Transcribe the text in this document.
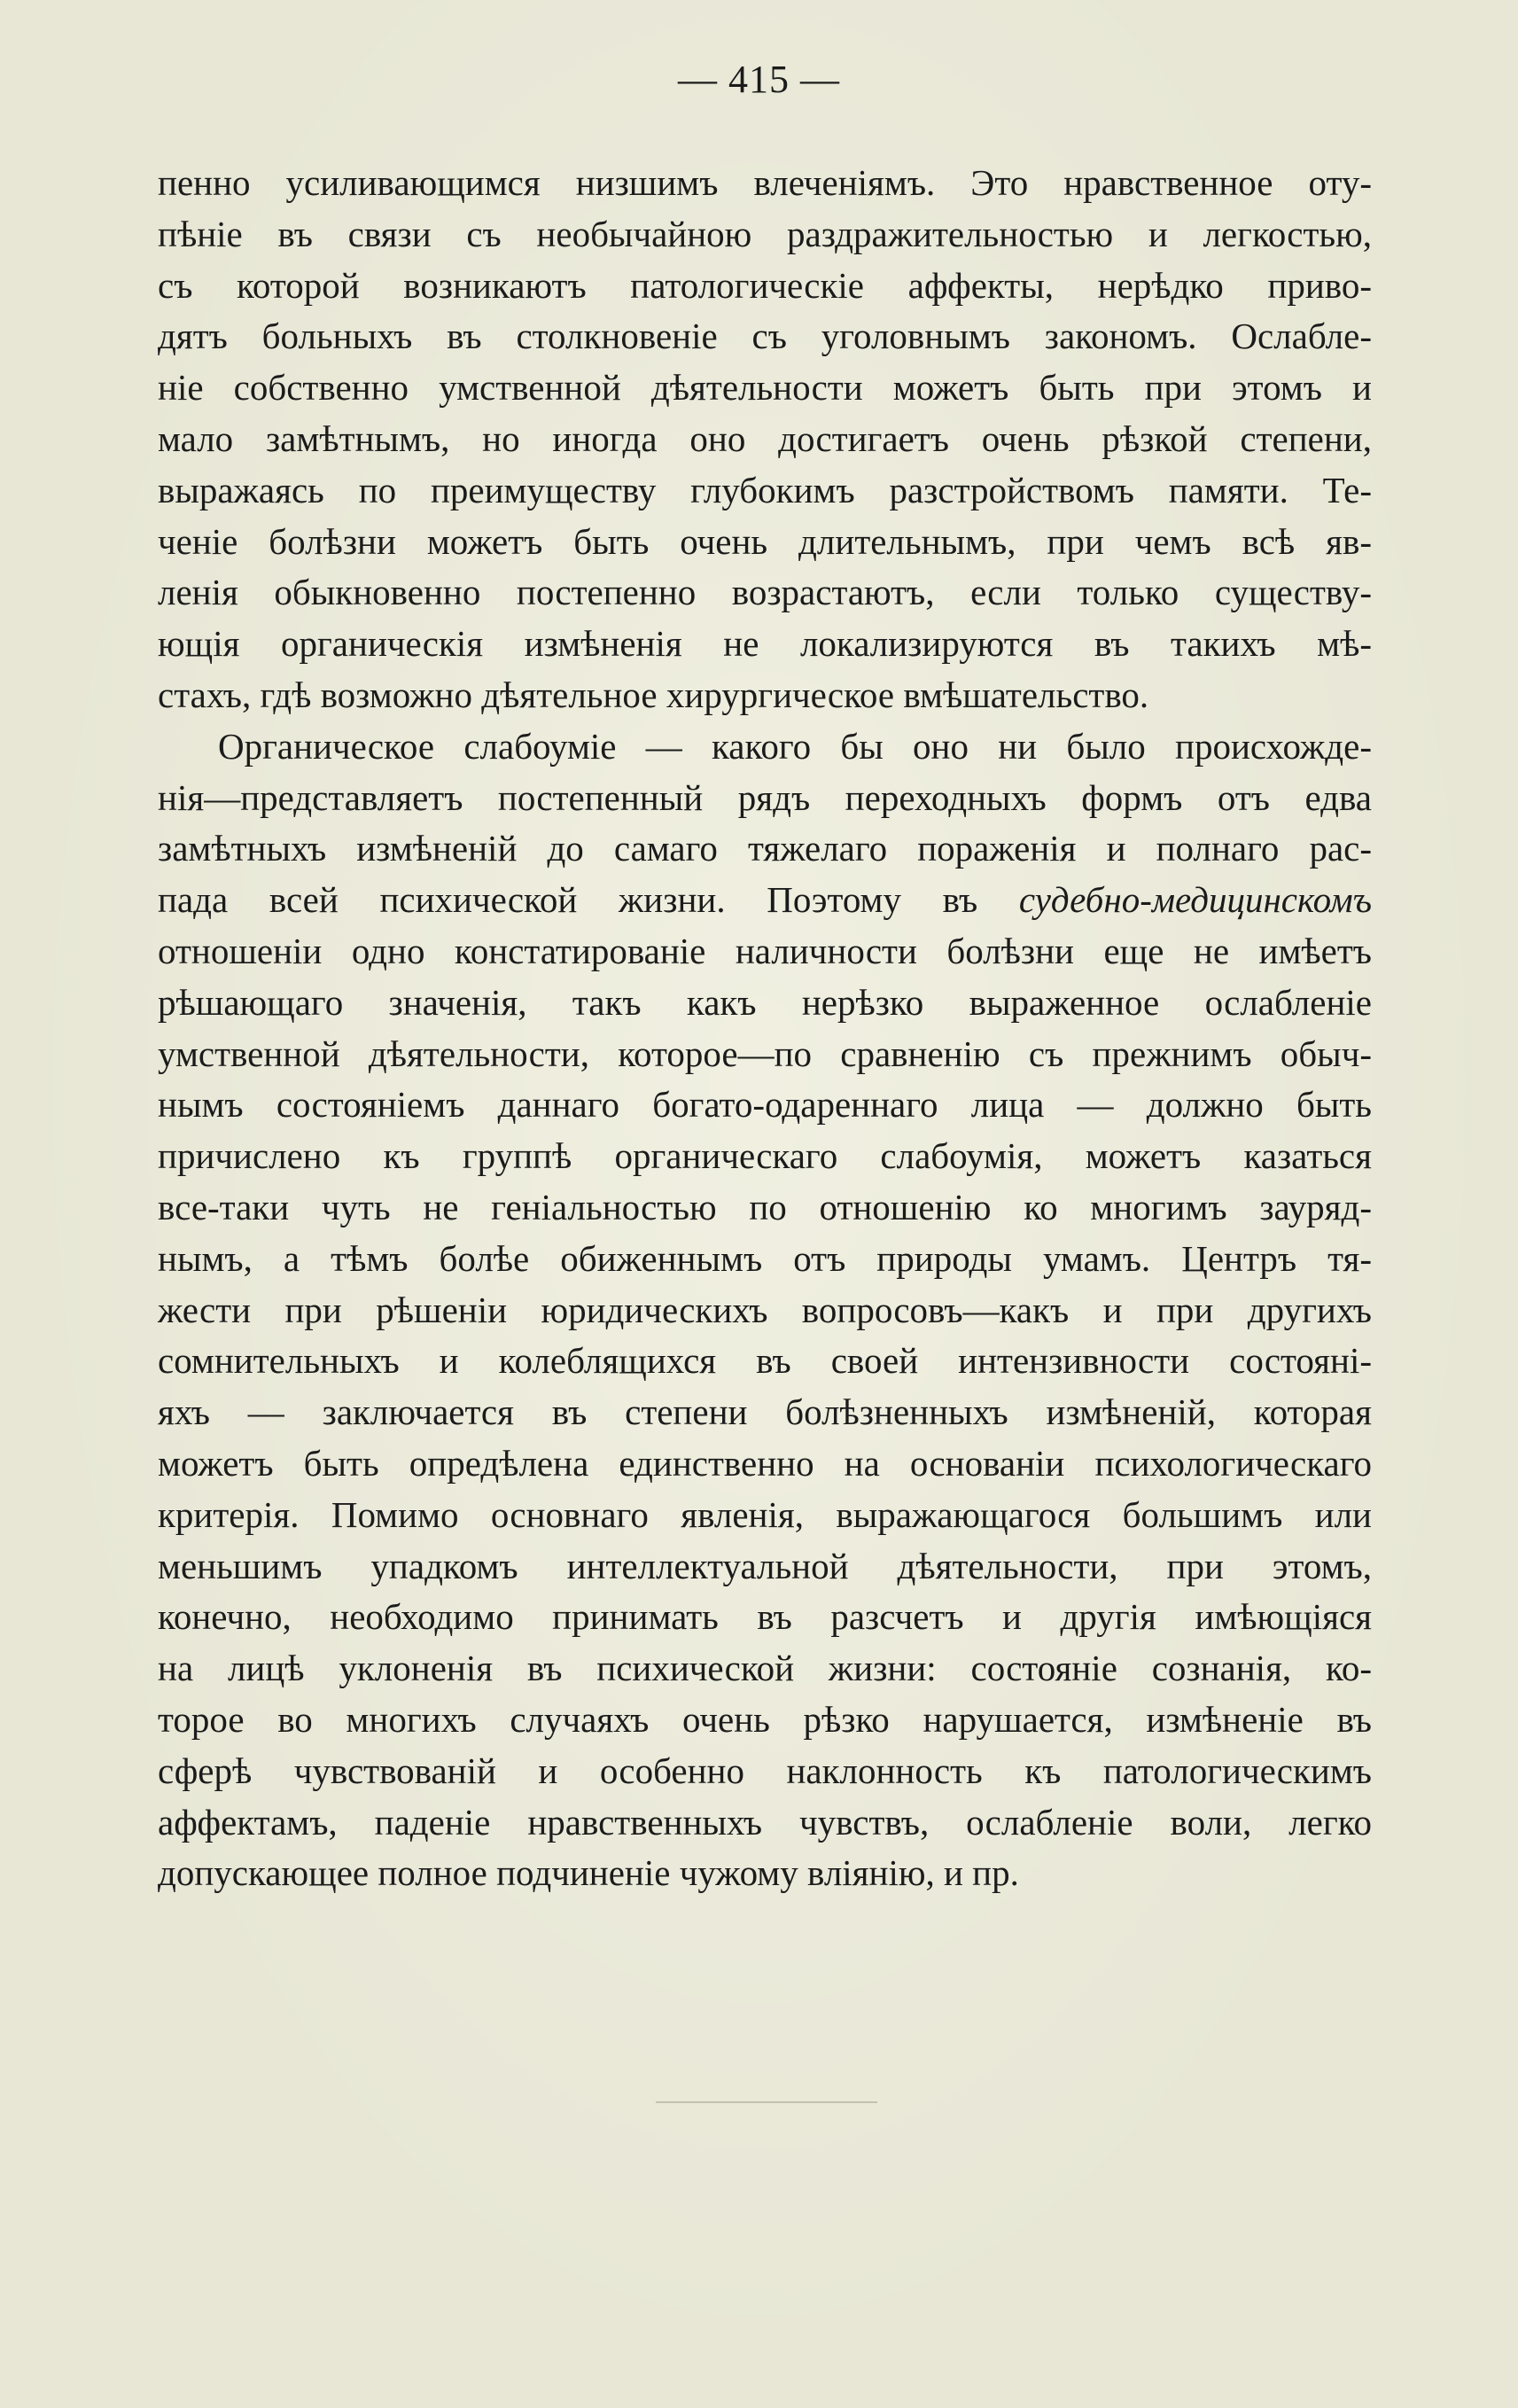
— 415 —
пенно усиливающимся низшимъ влеченіямъ. Это нравственное оту-
пѣніе въ связи съ необычайною раздражительностью и легкостью,
съ которой возникаютъ патологическіе аффекты, нерѣдко приво-
дятъ больныхъ въ столкновеніе съ уголовнымъ закономъ. Ослабле-
ніе собственно умственной дѣятельности можетъ быть при этомъ и
мало замѣтнымъ, но иногда оно достигаетъ очень рѣзкой степени,
выражаясь по преимуществу глубокимъ разстройствомъ памяти. Те-
ченіе болѣзни можетъ быть очень длительнымъ, при чемъ всѣ яв-
ленія обыкновенно постепенно возрастаютъ, если только существу-
ющія органическія измѣненія не локализируются въ такихъ мѣ-
стахъ, гдѣ возможно дѣятельное хирургическое вмѣшательство.
Органическое слабоуміе — какого бы оно ни было происхожде-
нія—представляетъ постепенный рядъ переходныхъ формъ отъ едва
замѣтныхъ измѣненій до самаго тяжелаго пораженія и полнаго рас-
пада всей психической жизни. Поэтому въ судебно-медицинскомъ
отношеніи одно констатированіе наличности болѣзни еще не имѣетъ
рѣшающаго значенія, такъ какъ нерѣзко выраженное ослабленіе
умственной дѣятельности, которое—по сравненію съ прежнимъ обыч-
нымъ состояніемъ даннаго богато-одареннаго лица — должно быть
причислено къ группѣ органическаго слабоумія, можетъ казаться
все-таки чуть не геніальностью по отношенію ко многимъ зауряд-
нымъ, а тѣмъ болѣе обиженнымъ отъ природы умамъ. Центръ тя-
жести при рѣшеніи юридическихъ вопросовъ—какъ и при другихъ
сомнительныхъ и колеблящихся въ своей интензивности состояні-
яхъ — заключается въ степени болѣзненныхъ измѣненій, которая
можетъ быть опредѣлена единственно на основаніи психологическаго
критерія. Помимо основнаго явленія, выражающагося большимъ или
меньшимъ упадкомъ интеллектуальной дѣятельности, при этомъ,
конечно, необходимо принимать въ разсчетъ и другія имѣющіяся
на лицѣ уклоненія въ психической жизни: состояніе сознанія, ко-
торое во многихъ случаяхъ очень рѣзко нарушается, измѣненіе въ
сферѣ чувствованій и особенно наклонность къ патологическимъ
аффектамъ, паденіе нравственныхъ чувствъ, ослабленіе воли, легко
допускающее полное подчиненіе чужому вліянію, и пр.
